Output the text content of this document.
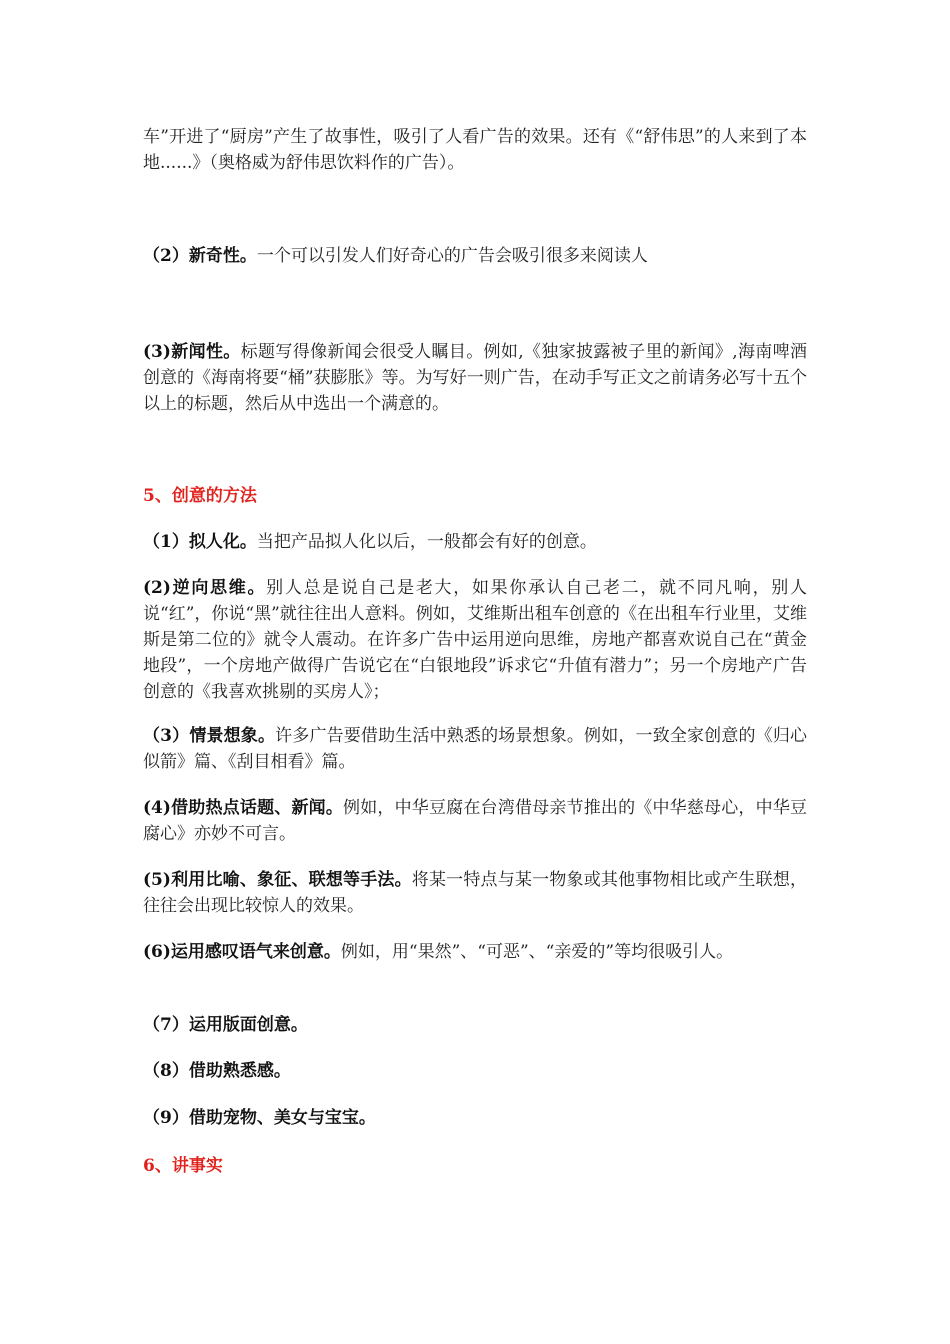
车”开进了“厨房”产生了故事性，吸引了人看广告的效果。还有《“舒伟思”的人来到了本地......》（奥格威为舒伟思饮料作的广告）。
（2）新奇性。一个可以引发人们好奇心的广告会吸引很多来阅读人
(3)新闻性。标题写得像新闻会很受人瞩目。例如,《独家披露被子里的新闻》,海南啤酒创意的《海南将要“桶”获膨胀》等。为写好一则广告，在动手写正文之前请务必写十五个以上的标题，然后从中选出一个满意的。
5、创意的方法
（1）拟人化。当把产品拟人化以后，一般都会有好的创意。
(2)逆向思维。别人总是说自己是老大，如果你承认自己老二，就不同凡响，别人说“红”，你说“黑”就往往出人意料。例如，艾维斯出租车创意的《在出租车行业里，艾维斯是第二位的》就令人震动。在许多广告中运用逆向思维，房地产都喜欢说自己在“黄金地段”，一个房地产做得广告说它在“白银地段”诉求它“升值有潜力”；另一个房地产广告创意的《我喜欢挑剔的买房人》；
（3）情景想象。许多广告要借助生活中熟悉的场景想象。例如，一致全家创意的《归心似箭》篇、《刮目相看》篇。
(4)借助热点话题、新闻。例如，中华豆腐在台湾借母亲节推出的《中华慈母心，中华豆腐心》亦妙不可言。
(5)利用比喻、象征、联想等手法。将某一特点与某一物象或其他事物相比或产生联想，往往会出现比较惊人的效果。
(6)运用感叹语气来创意。例如，用“果然”、“可恶”、“亲爱的”等均很吸引人。
（7）运用版面创意。
（8）借助熟悉感。
（9）借助宠物、美女与宝宝。
6、讲事实
